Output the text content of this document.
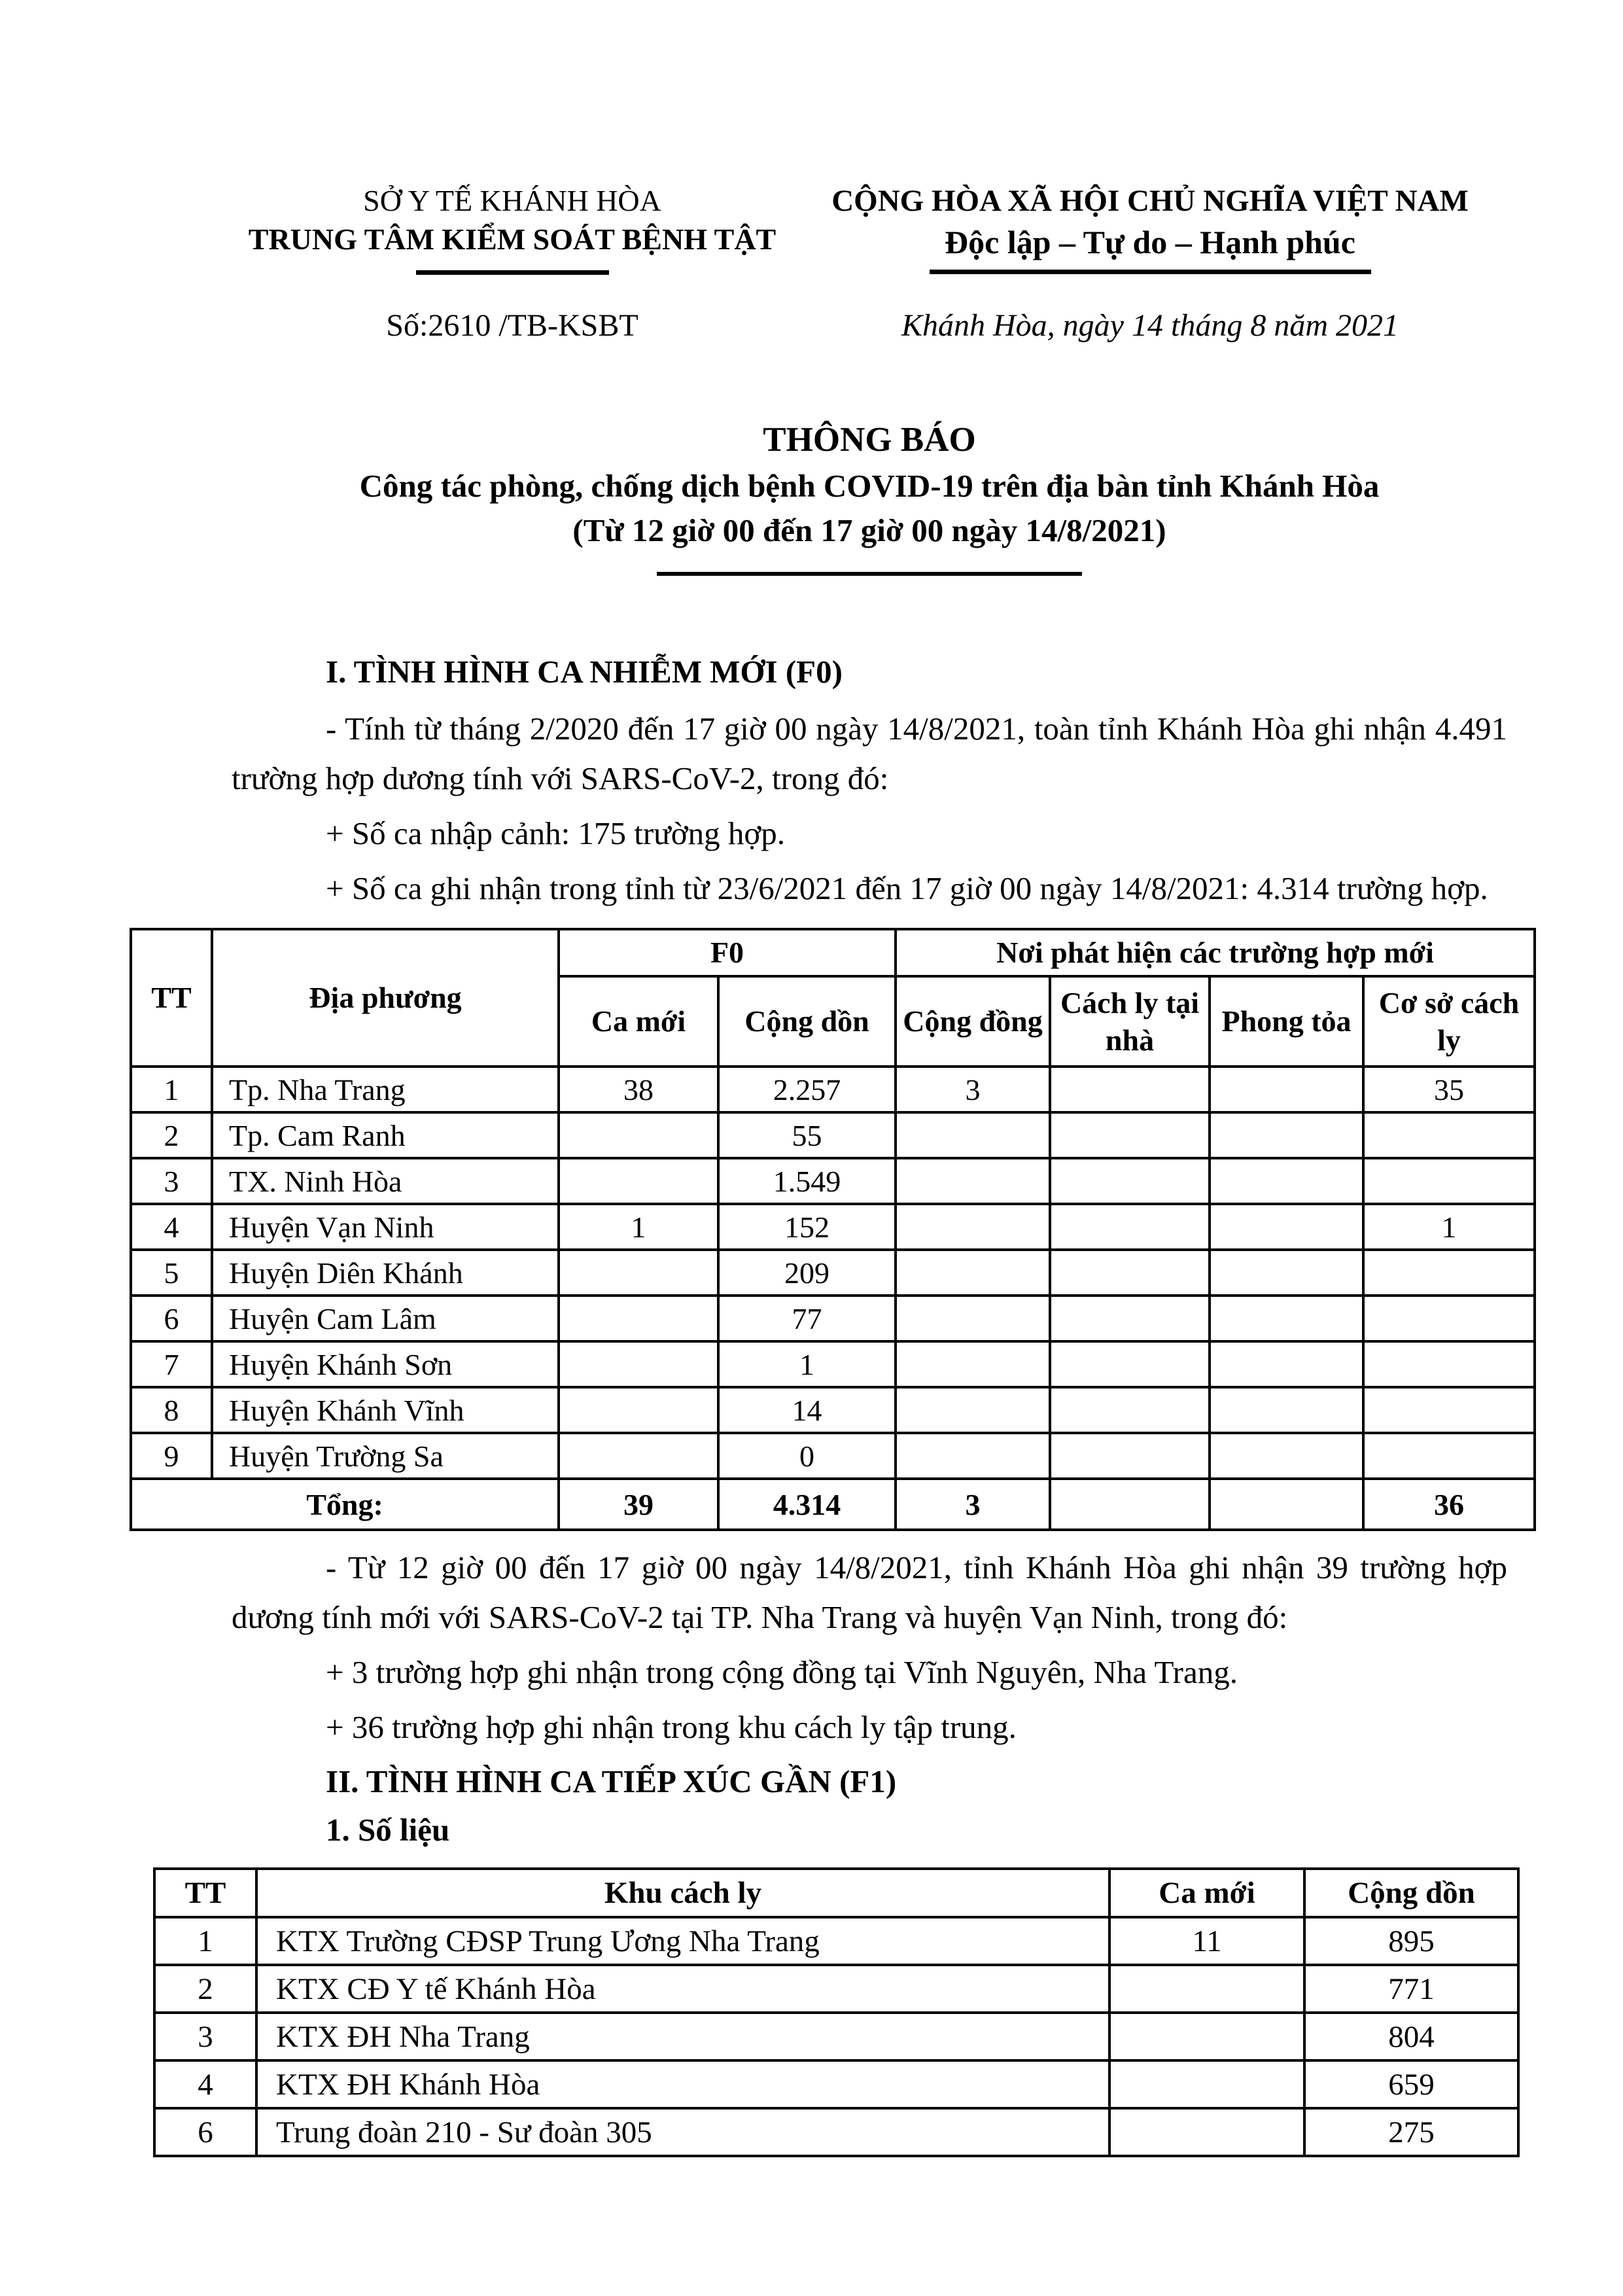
SỞ Y TẾ KHÁNH HÒA
TRUNG TÂM KIỂM SOÁT BỆNH TẬT
CỘNG HÒA XÃ HỘI CHỦ NGHĨA VIỆT NAM
Độc lập – Tự do – Hạnh phúc
Số:2610 /TB-KSBT	Khánh Hòa, ngày 14 tháng 8 năm 2021
THÔNG BÁO
Công tác phòng, chống dịch bệnh COVID-19 trên địa bàn tỉnh Khánh Hòa
(Từ 12 giờ 00 đến 17 giờ 00 ngày 14/8/2021)

I. TÌNH HÌNH CA NHIỄM MỚI (F0)

- Tính từ tháng 2/2020 đến 17 giờ 00 ngày 14/8/2021, toàn tỉnh Khánh Hòa ghi nhận 4.491 trường hợp dương tính với SARS-CoV-2, trong đó:

+ Số ca nhập cảnh: 175 trường hợp.

+ Số ca ghi nhận trong tỉnh từ 23/6/2021 đến 17 giờ 00 ngày 14/8/2021: 4.314 trường hợp.

TT	Địa phương	F0		Nơi phát hiện các trường hợp mới			
		Ca mới	Cộng dồn	Cộng đồng	Cách ly tại nhà	Phong tỏa	Cơ sở cách ly
1	Tp. Nha Trang	38	2.257	3			35
2	Tp. Cam Ranh		55				
3	TX. Ninh Hòa		1.549				
4	Huyện Vạn Ninh	1	152				1
5	Huyện Diên Khánh		209				
6	Huyện Cam Lâm		77				
7	Huyện Khánh Sơn		1				
8	Huyện Khánh Vĩnh		14				
9	Huyện Trường Sa		0				
Tổng:		39	4.314	3			36

- Từ 12 giờ 00 đến 17 giờ 00 ngày 14/8/2021, tỉnh Khánh Hòa ghi nhận 39 trường hợp dương tính mới với SARS-CoV-2 tại TP. Nha Trang và huyện Vạn Ninh, trong đó:

+ 3 trường hợp ghi nhận trong cộng đồng tại Vĩnh Nguyên, Nha Trang.

+ 36 trường hợp ghi nhận trong khu cách ly tập trung.

II. TÌNH HÌNH CA TIẾP XÚC GẦN (F1)

1. Số liệu

TT	Khu cách ly	Ca mới	Cộng dồn
1	KTX Trường CĐSP Trung Ương Nha Trang	11	895
2	KTX CĐ Y tế Khánh Hòa		771
3	KTX ĐH Nha Trang		804
4	KTX ĐH Khánh Hòa		659
6	Trung đoàn 210 - Sư đoàn 305		275
